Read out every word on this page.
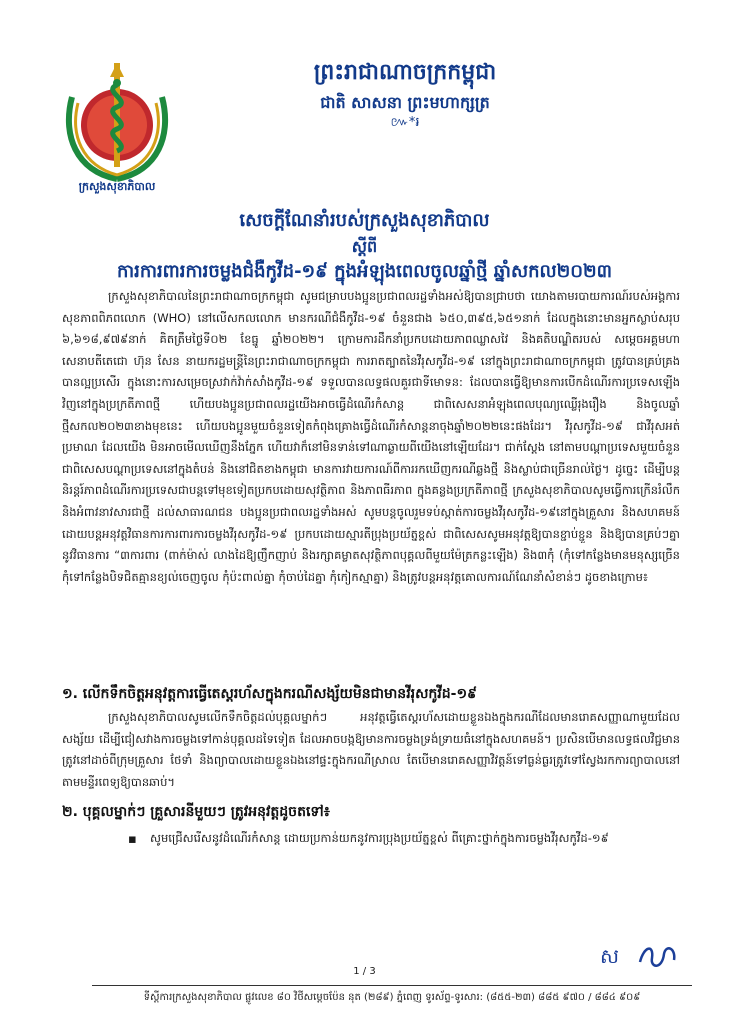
ក្រសួងសុខាភិបាល
ព្រះរាជាណាចក្រកម្ពុជា
ជាតិ សាសនា ព្រះមហាក្សត្រ
៚*៛
សេចក្តីណែនាំរបស់ក្រសួងសុខាភិបាល
ស្តីពី
ការការពារការចម្លងជំងឺកូវីដ-១៩ ក្នុងអំឡុងពេលចូលឆ្នាំថ្មី ឆ្នាំសកល២០២៣
ក្រសួងសុខាភិបាលនៃព្រះរាជាណាចក្រកម្ពុជា សូមជម្រាបបងប្អូនប្រជាពលរដ្ឋទាំងអស់ឱ្យបានជ្រាបថា យោងតាមរបាយការណ៍របស់អង្គការសុខភាពពិភពលោក (WHO) នៅលើសកលលោក មានករណីជំងឺកូវីដ-១៩ ចំនួនជាង ៦៥០,៣៩៥,៦៥១នាក់ ដែលក្នុងនោះមានអ្នកស្លាប់សរុប ៦,៦១៨,៩៧៩នាក់ គិតត្រឹមថ្ងៃទី០២ ខែធ្នូ ឆ្នាំ២០២២។ ក្រោមការដឹកនាំប្រកបដោយភាពឈ្លាសវៃ និងគតិបណ្ឌិតរបស់ សម្តេចអគ្គមហាសេនាបតីតេជោ ហ៊ុន សែន នាយករដ្ឋមន្ត្រីនៃព្រះរាជាណាចក្រកម្ពុជា ការរាតត្បាតនៃវីរុសកូវីដ-១៩ នៅក្នុងព្រះរាជាណាចក្រកម្ពុជា ត្រូវបានគ្រប់គ្រងបានល្អប្រសើរ ក្នុងនោះការសម្រេចស្រវាក់វ៉ាក់សាំងកូវីដ-១៩ ទទួលបានលទ្ធផលគួរជាទីមោទន: ដែលបានធ្វើឱ្យមានការបើកដំណើរការប្រទេសឡើងវិញនៅក្នុងប្រក្រតីភាពថ្មី ហើយបងប្អូនប្រជាពលរដ្ឋយើងអាចធ្វើដំណើរកំសាន្ត ជាពិសេសនាអំឡុងពេលបុណ្យឈ្លើរុងរឿង និងចូលឆ្នាំថ្មីសកល២០២៣ខាងមុខនេះ ហើយបងប្អូនមួយចំនួនទៀតកំពុងគ្រោងធ្វើដំណើរកំសាន្តនាចុងឆ្នាំ២០២២នេះផងដែរ។ វីរុសកូវីដ-១៩ ជាវីរុសអត់ប្រមាណ ដែលយើង មិនអាចមើលឃើញនឹងភ្នែក ហើយវាក៏នៅមិនទាន់ទៅណាឆ្ងាយពីយើងនៅឡើយដែរ។ ជាក់ស្តែង នៅតាមបណ្តាប្រទេសមួយចំនួន ជាពិសេសបណ្តាប្រទេសនៅក្នុងតំបន់ និងនៅជិតខាងកម្ពុជា មានការវាយការណ៍ពីការរកឃើញករណីឆ្លងថ្មី និងស្លាប់ជាច្រើនរាល់ថ្ងៃ។ ដូច្នេះ ដើម្បីបន្តនិរន្តរ៍ភាពដំណើរការប្រទេសជាបន្តទៅមុខទៀតប្រកបដោយសុវត្ថិភាព និងភាពធីរភាព ក្នុងគន្លងប្រក្រតីភាពថ្មី ក្រសួងសុខាភិបាលសូមធ្វើការក្រើនរំលឹក និងអំពាវនាវសារជាថ្មី ដល់សាធារណជន បងប្អូនប្រជាពលរដ្ឋទាំងអស់ សូមបន្តចូលរួមទប់ស្កាត់ការចម្លងវីរុសកូវីដ-១៩នៅក្នុងគ្រួសារ និងសហគមន៍ ដោយបន្តអនុវត្តវិធានការការពារការចម្លងវីរុសកូវីដ-១៩ ប្រកបដោយស្មារតីប្រុងប្រយ័ត្នខ្ពស់ ជាពិសេសសូមអនុវត្តឱ្យបានខ្ជាប់ខ្ជួន និងឱ្យបានគ្រប់ៗគ្នា នូវវិធានការ “៣ការពារ (ពាក់ម៉ាស់ លាងដៃឱ្យញឹកញាប់ និងរក្សាគម្លាតសុវត្ថិភាពបុគ្គលពីមួយម៉ែត្រកន្លះឡើង) និង៣កុំ (កុំទៅកន្លែងមានមនុស្សច្រើន កុំទៅកន្លែងបិទជិតគ្មានខ្យល់ចេញចូល កុំប៉ះពាល់គ្នា កុំចាប់ដៃគ្នា កុំកៀកស្មាគ្នា) និងត្រូវបន្តអនុវត្តគោលការណ៍ណែនាំសំខាន់ៗ ដូចខាងក្រោម៖
១. លើកទឹកចិត្តអនុវត្តការធ្វើតេស្តរហ័សក្នុងករណីសង្ស័យមិនជាមានវីរុសកូវីដ-១៩
ក្រសួងសុខាភិបាលសូមលើកទឹកចិត្តដល់បុគ្គលម្នាក់ៗ អនុវត្តធ្វើតេស្តរហ័សដោយខ្លួនឯងក្នុងករណីដែលមានរោគសញ្ញាណាមួយដែលសង្ស័យ ដើម្បីជៀសវាងការចម្លងទៅកាន់បុគ្គលដទៃទៀត ដែលអាចបង្កឱ្យមានការចម្លងទ្រង់ទ្រាយធំនៅក្នុងសហគមន៍។ ប្រសិនបើមានលទ្ធផលវិជ្ជមាន ត្រូវនៅដាច់ពីក្រុមគ្រួសារ ថែទាំ និងព្យាបាលដោយខ្លួនឯងនៅផ្ទះក្នុងករណីស្រាល តែបើមានរោគសញ្ញាវិវត្តន៍ទៅធ្ងន់ធ្ងរត្រូវទៅស្វែងរកការព្យាបាលនៅតាមមន្ទីរពេទ្យឱ្យបានឆាប់។
២. បុគ្គលម្នាក់ៗ គ្រួសារនីមួយៗ ត្រូវអនុវត្តដូចតទៅ៖
▪ សូមជ្រើសរើសនូវដំណើរកំសាន្ត ដោយប្រកាន់យកនូវការប្រុងប្រយ័ត្នខ្ពស់ ពីគ្រោះថ្នាក់ក្នុងការចម្លងវីរុសកូវីដ-១៩
ស
1 / 3
ទីស្តីការក្រសួងសុខាភិបាល ផ្លូវលេខ ៨០ វិថីសម្តេចប៉ែន នុត (២៨៩) ភ្នំពេញ ទូរស័ព្ទ-ទូរសារ: (៨៥៥-២៣) ៨៨៥ ៩៧០ / ៨៨៤ ៩០៩
